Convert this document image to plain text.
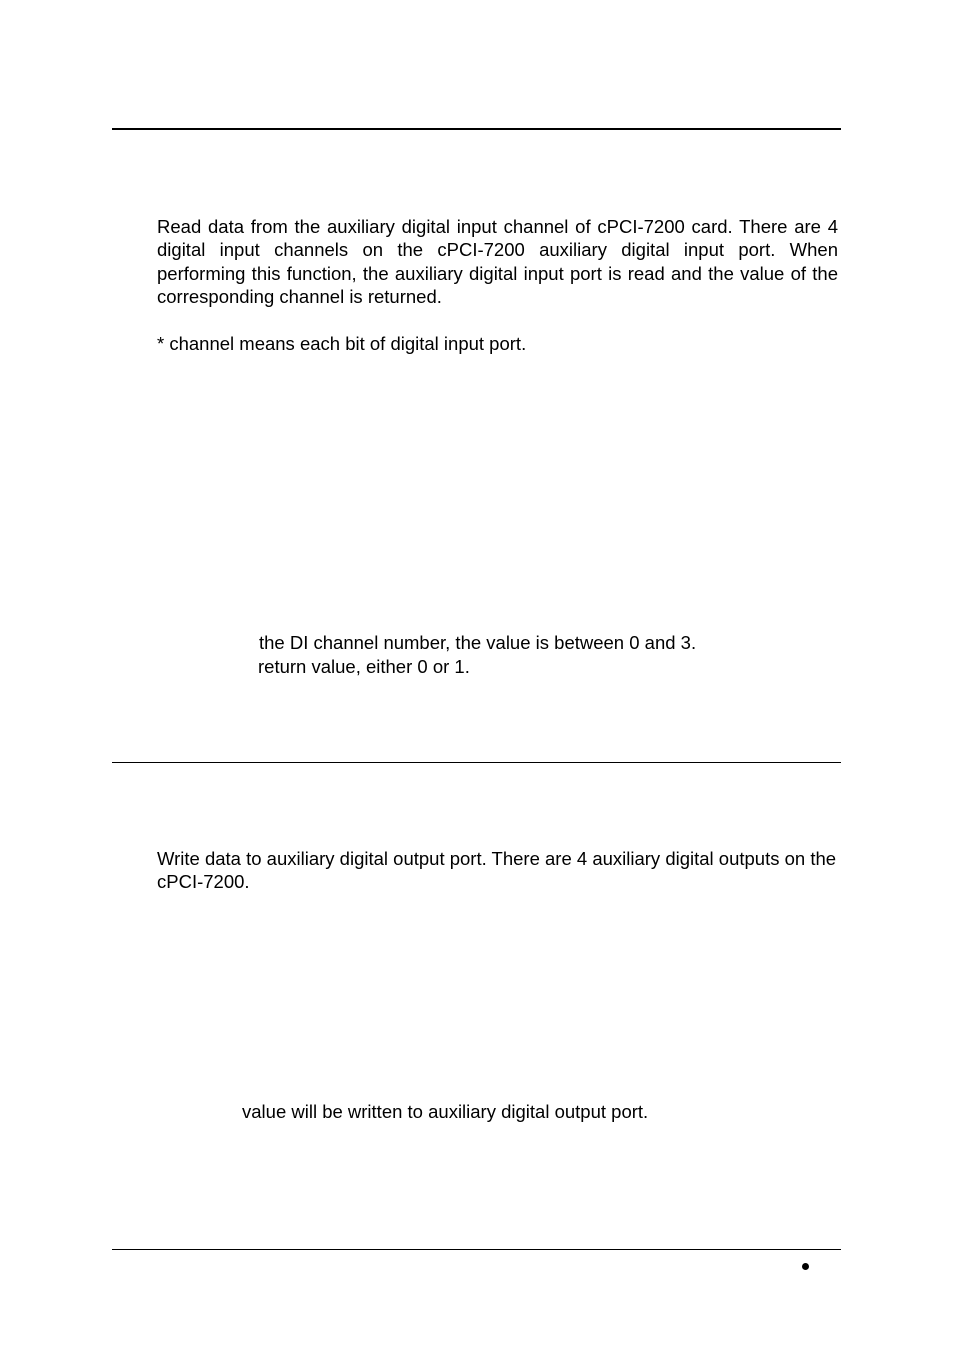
Read data from the auxiliary digital input channel of cPCI-7200 card. There are 4 digital input channels on the cPCI-7200 auxiliary digital input port. When performing this function, the auxiliary digital input port is read and the value of the corresponding channel is returned.

* channel means each bit of digital input port.

the DI channel number, the value is between 0 and 3.

return value, either 0 or 1.

Write data to auxiliary digital output port. There are 4 auxiliary digital outputs on the cPCI-7200.

value will be written to auxiliary digital output port.
